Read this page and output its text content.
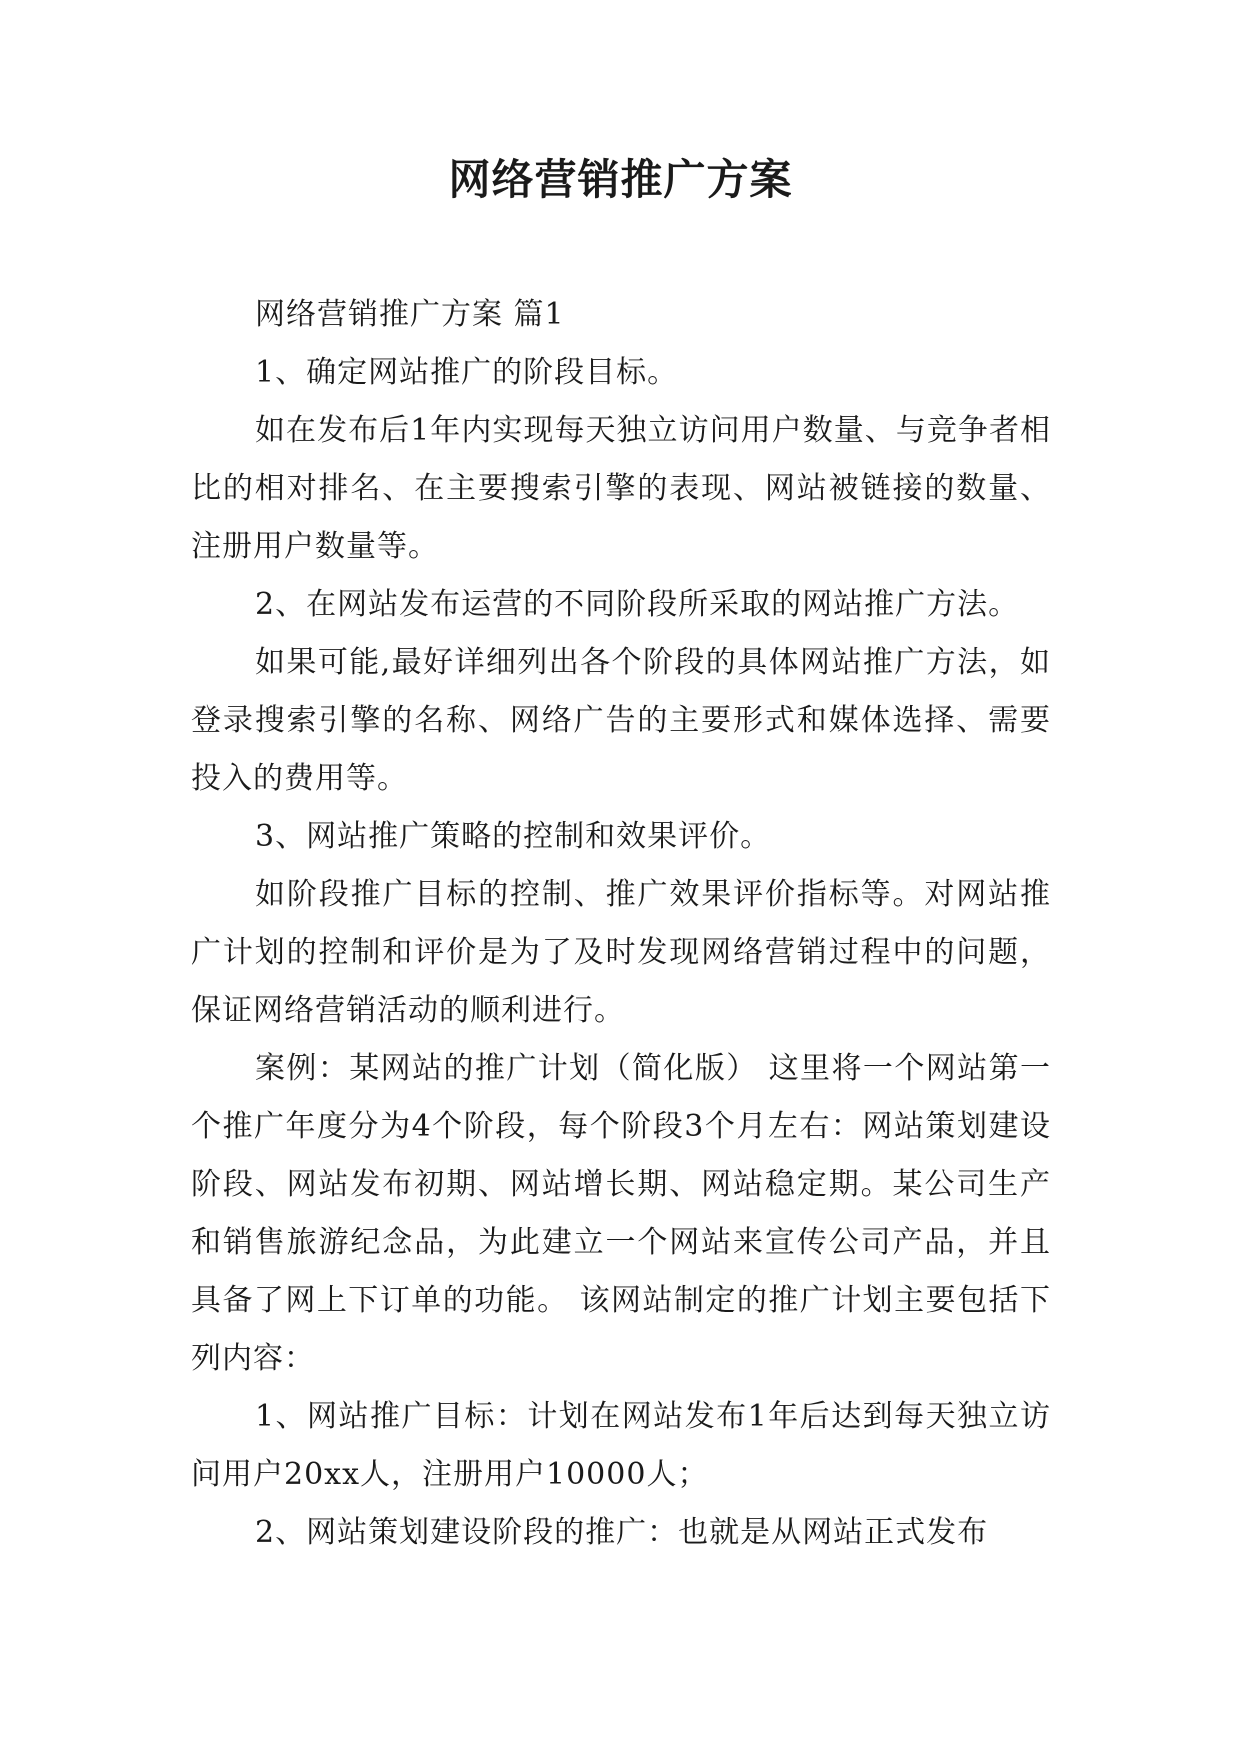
网络营销推广方案

网络营销推广方案 篇1

1、确定网站推广的阶段目标。

如在发布后1年内实现每天独立访问用户数量、与竞争者相比的相对排名、在主要搜索引擎的表现、网站被链接的数量、注册用户数量等。

2、在网站发布运营的不同阶段所采取的网站推广方法。

如果可能,最好详细列出各个阶段的具体网站推广方法，如登录搜索引擎的名称、网络广告的主要形式和媒体选择、需要投入的费用等。

3、网站推广策略的控制和效果评价。

如阶段推广目标的控制、推广效果评价指标等。对网站推广计划的控制和评价是为了及时发现网络营销过程中的问题，保证网络营销活动的顺利进行。

案例：某网站的推广计划（简化版） 这里将一个网站第一个推广年度分为4个阶段，每个阶段3个月左右：网站策划建设阶段、网站发布初期、网站增长期、网站稳定期。某公司生产和销售旅游纪念品，为此建立一个网站来宣传公司产品，并且具备了网上下订单的功能。 该网站制定的推广计划主要包括下列内容：

1、网站推广目标：计划在网站发布1年后达到每天独立访问用户20xx人，注册用户10000人；

2、网站策划建设阶段的推广：也就是从网站正式发布
